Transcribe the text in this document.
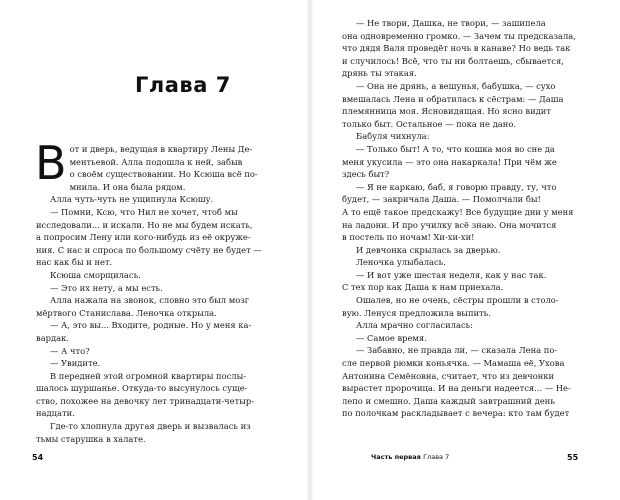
Глава 7

Вот и дверь, ведущая в квартиру Лены Де-
ментьевой. Алла подошла к ней, забыв
о своём существовании. Но Ксюша всё по-
мнила. И она была рядом.

Алла чуть-чуть не ущипнула Ксюшу.

— Помни, Ксю, что Нил не хочет, чтоб мы

исследовали... и искали. Но не мы будем искать,

а попросим Лену или кого-нибудь из её окруже-

ния. С нас и спроса по большому счёту не будет —

нас как бы и нет.

Ксюша сморщилась.

— Это их нету, а мы есть.

Алла нажала на звонок, словно это был мозг

мёртвого Станислава. Леночка открыла.

— А, это вы... Входите, родные. Но у меня ка-

вардак.

— А что?

— Увидите.

В передней этой огромной квартиры послы-

шалось шуршанье. Откуда-то высунулось суще-

ство, похожее на девочку лет тринадцати-четыр-

надцати.

Где-то хлопнула другая дверь и вызвалась из

тьмы старушка в халате.

54

— Не твори, Дашка, не твори, — зашипела

она одновременно громко. — Зачем ты предсказала,

что дядя Валя проведёт ночь в канаве? Но ведь так

и случилось! Всё, что ты ни болтаешь, сбывается,

дрянь ты этакая.

— Она не дрянь, а вешунья, бабушка, — сухо

вмешалась Лена и обратилась к сёстрам: — Даша

племянница моя. Ясновидящая. Но ясно видит

только быт. Остальное — пока не дано.

Бабуля чихнула:

— Только быт! А то, что кошка моя во сне да

меня укусила — это она накаркала! При чём же

здесь быт?

— Я не каркаю, баб, я говорю правду, ту, что

будет, — закричала Даша. — Помолчали бы!

А то ещё такое предскажу! Все будущие дни у меня

на ладони. И про училку всё знаю. Она мочится

в постель по ночам! Хи-хи-хи!

И девчонка скрылась за дверью.

Леночка улыбалась.

— И вот уже шестая неделя, как у нас так.

С тех пор как Даша к нам приехала.

Ошалев, но не очень, сёстры прошли в столо-

вую. Ленуся предложила выпить.

Алла мрачно согласилась:

— Самое время.

— Забавно, не правда ли, — сказала Лена по-

сле первой рюмки коньячка. — Мамаша её, Ухова

Антонина Семёновна, считает, что из девчонки

вырастет пророчица. И на деньги надеется... — Не-

лепо и смешно. Даша каждый завтрашний день

по полочкам раскладывает с вечера: кто там будет

Часть первая Глава 7	55
